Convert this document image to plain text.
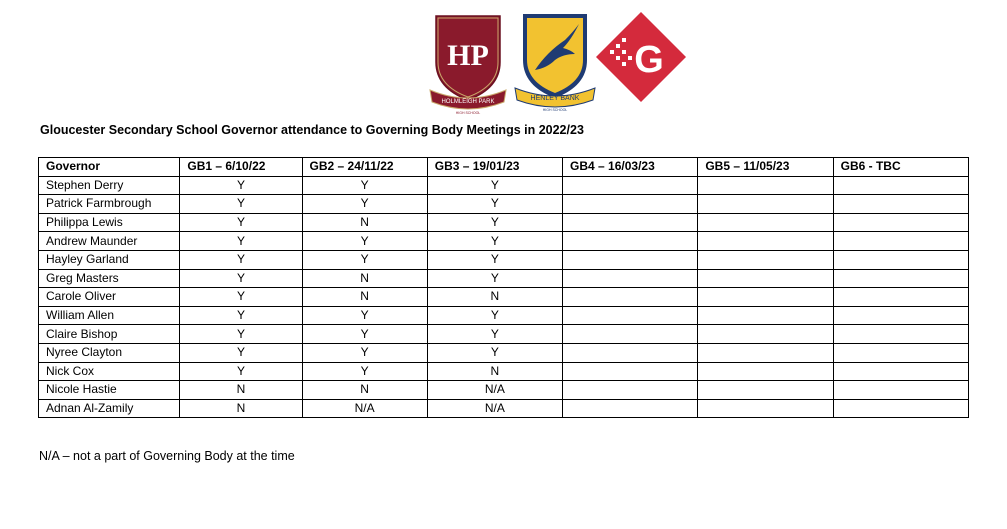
HP
HOLMLEIGH PARK
HIGH SCHOOL
HENLEY BANK
HIGH SCHOOL
G
Gloucester Secondary School Governor attendance to Governing Body Meetings in 2022/23
Governor	GB1 – 6/10/22	GB2 – 24/11/22	GB3 – 19/01/23	GB4 – 16/03/23	GB5 – 11/05/23	GB6 - TBC
Stephen Derry	Y	Y	Y			
Patrick Farmbrough	Y	Y	Y			
Philippa Lewis	Y	N	Y			
Andrew Maunder	Y	Y	Y			
Hayley Garland	Y	Y	Y			
Greg Masters	Y	N	Y			
Carole Oliver	Y	N	N			
William Allen	Y	Y	Y			
Claire Bishop	Y	Y	Y			
Nyree Clayton	Y	Y	Y			
Nick Cox	Y	Y	N			
Nicole Hastie	N	N	N/A			
Adnan Al-Zamily	N	N/A	N/A			
N/A – not a part of Governing Body at the time
